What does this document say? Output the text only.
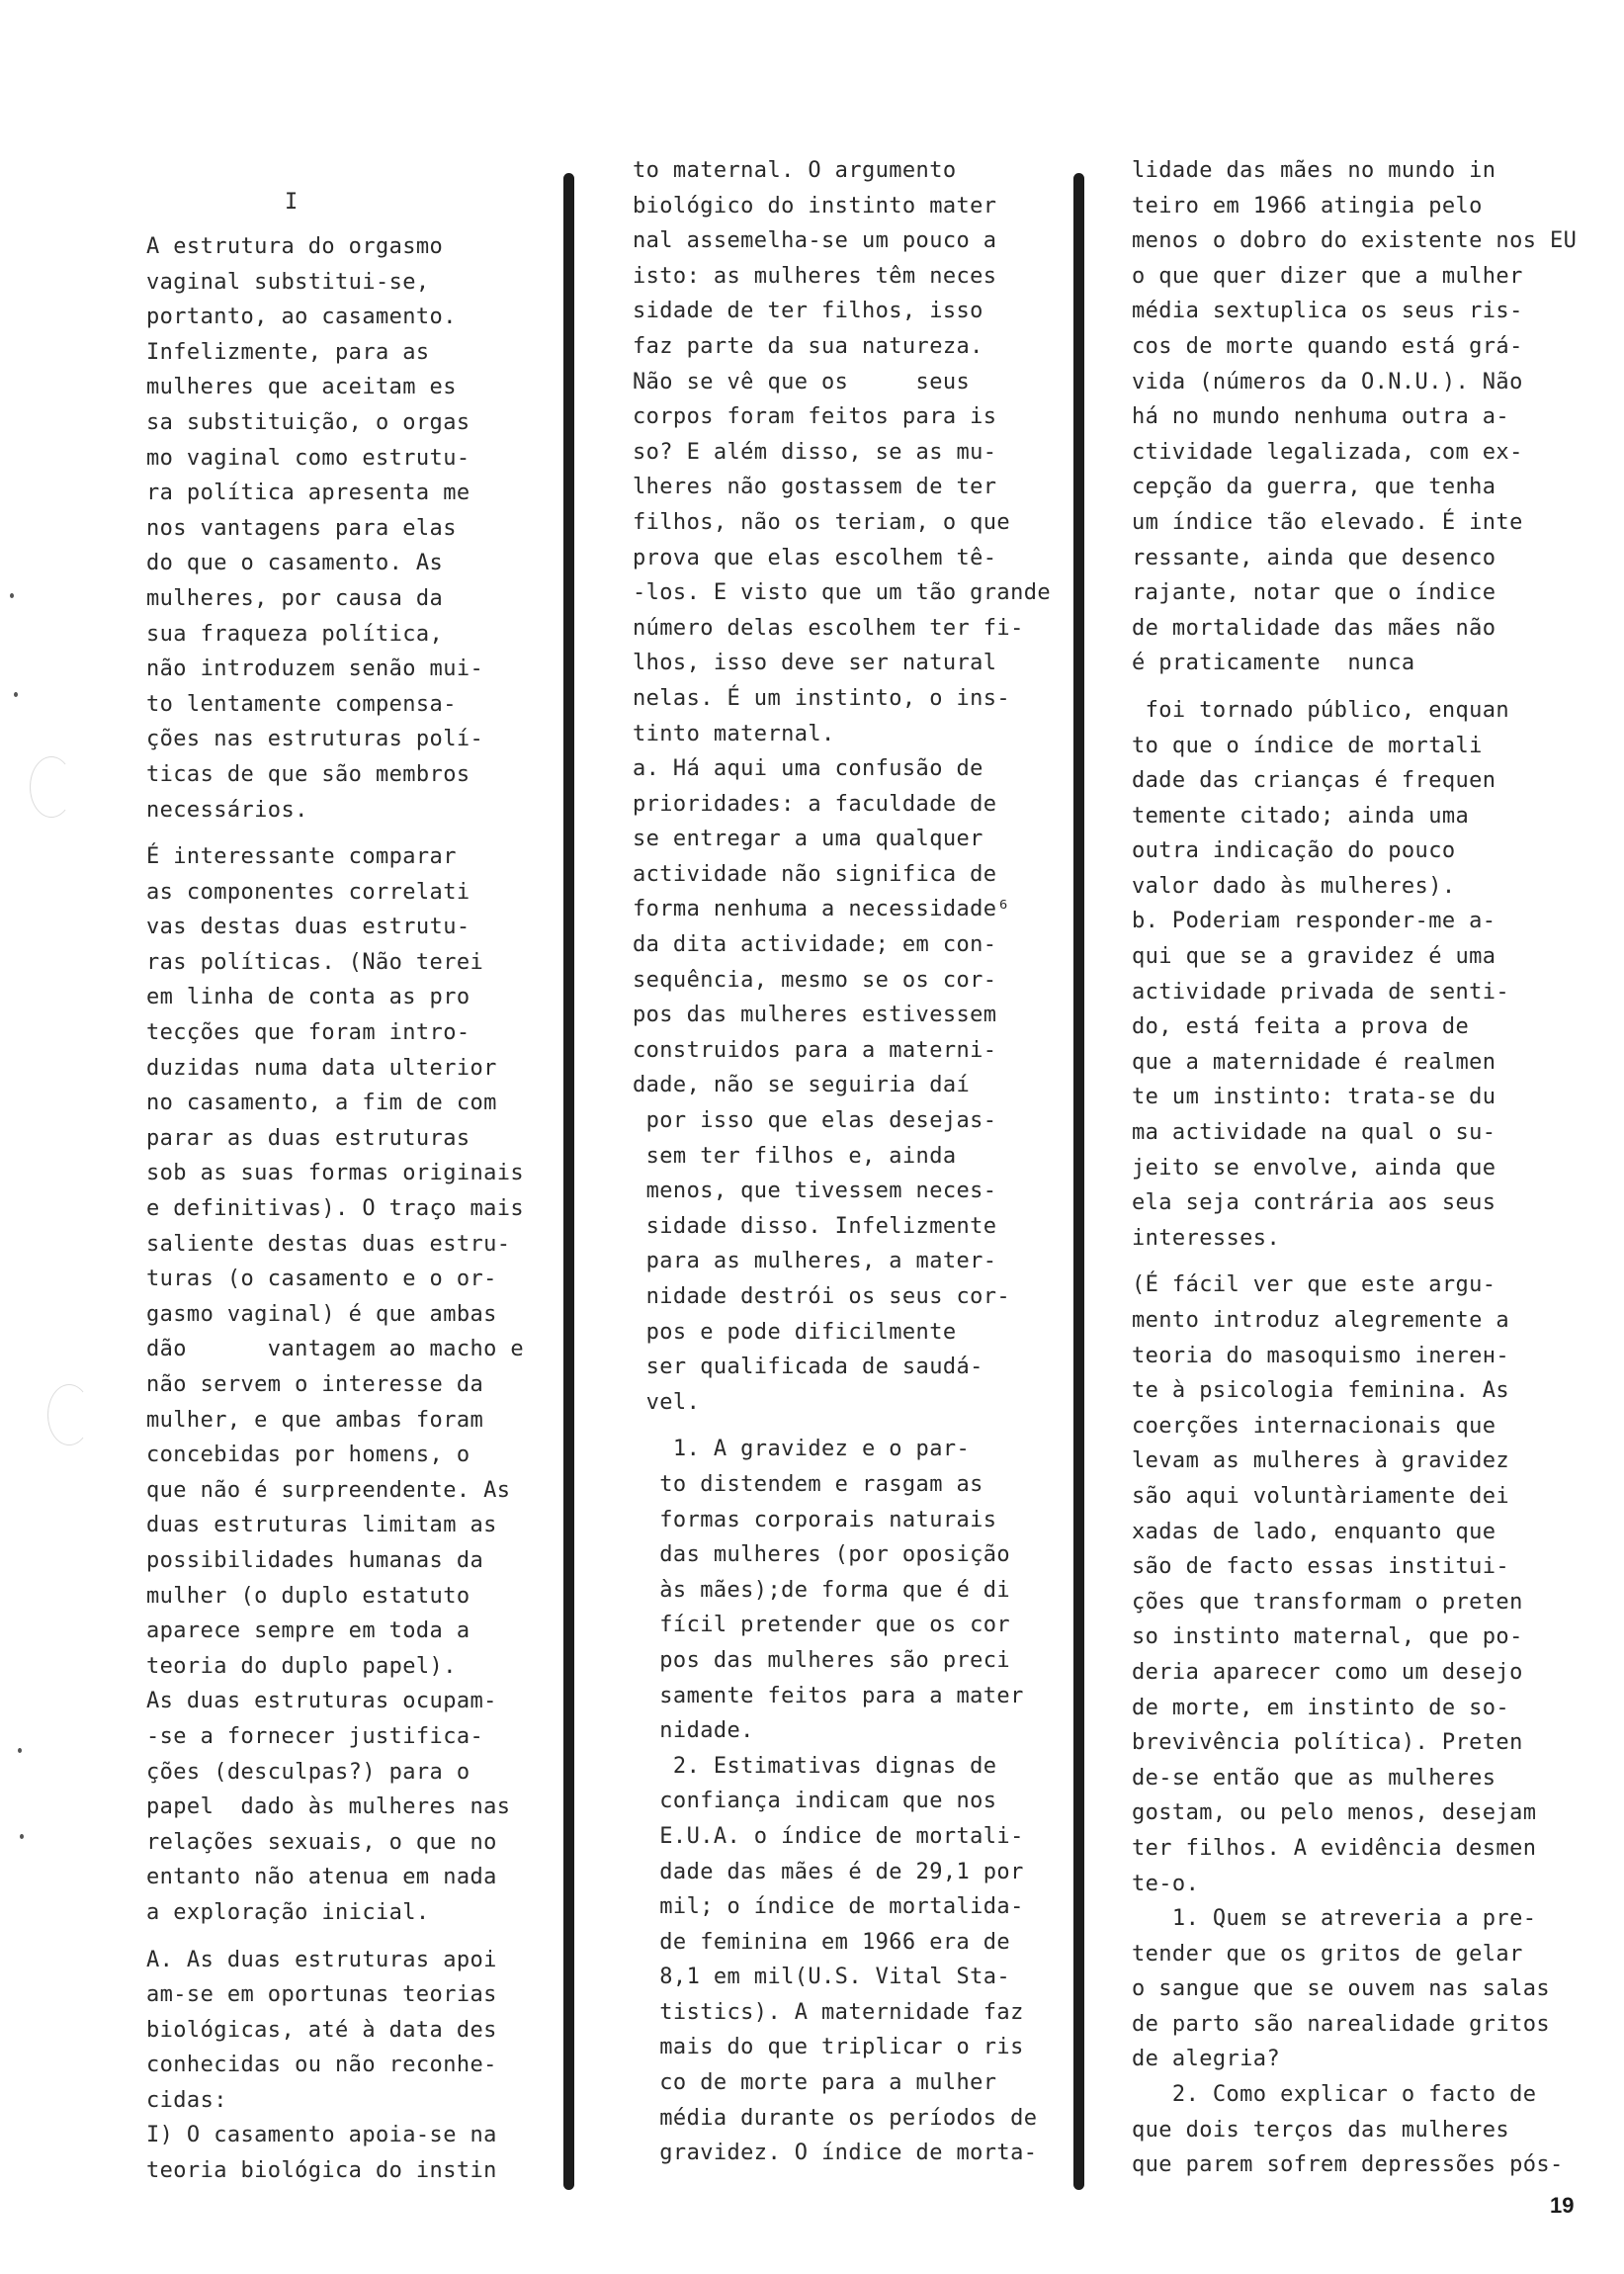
I
A estrutura do orgasmo
vaginal substitui-se,
portanto, ao casamento.
Infelizmente, para as
mulheres que aceitam es
sa substituição, o orgas
mo vaginal como estrutu-
ra política apresenta me
nos vantagens para elas
do que o casamento. As
mulheres, por causa da
sua fraqueza política,
não introduzem senão mui-
to lentamente compensa-
ções nas estruturas polí-
ticas de que são membros
necessários.
É interessante comparar
as componentes correlati
vas destas duas estrutu-
ras políticas. (Não terei
em linha de conta as pro
tecções que foram intro-
duzidas numa data ulterior
no casamento, a fim de com
parar as duas estruturas
sob as suas formas originais
e definitivas). O traço mais
saliente destas duas estru-
turas (o casamento e o or-
gasmo vaginal) é que ambas
dão      vantagem ao macho e
não servem o interesse da
mulher, e que ambas foram
concebidas por homens, o
que não é surpreendente. As
duas estruturas limitam as
possibilidades humanas da
mulher (o duplo estatuto
aparece sempre em toda a
teoria do duplo papel).
As duas estruturas ocupam-
-se a fornecer justifica-
ções (desculpas?) para o
papel  dado às mulheres nas
relações sexuais, o que no
entanto não atenua em nada
a exploração inicial.
A. As duas estruturas apoi
am-se em oportunas teorias
biológicas, até à data des
conhecidas ou não reconhe-
cidas:
I) O casamento apoia-se na
teoria biológica do instin
to maternal. O argumento
biológico do instinto mater
nal assemelha-se um pouco a
isto: as mulheres têm neces
sidade de ter filhos, isso
faz parte da sua natureza.
Não se vê que os     seus
corpos foram feitos para is
so? E além disso, se as mu-
lheres não gostassem de ter
filhos, não os teriam, o que
prova que elas escolhem tê-
-los. E visto que um tão grande
número delas escolhem ter fi-
lhos, isso deve ser natural
nelas. É um instinto, o ins-
tinto maternal.
a. Há aqui uma confusão de
prioridades: a faculdade de
se entregar a uma qualquer
actividade não significa de
forma nenhuma a necessidade⁶
da dita actividade; em con-
sequência, mesmo se os cor-
pos das mulheres estivessem
construidos para a materni-
dade, não se seguiria daí
por isso que elas desejas-
sem ter filhos e, ainda
menos, que tivessem neces-
sidade disso. Infelizmente
para as mulheres, a mater-
nidade destrói os seus cor-
pos e pode dificilmente
ser qualificada de saudá-
vel.
1. A gravidez e o par-
to distendem e rasgam as
formas corporais naturais
das mulheres (por oposição
às mães);de forma que é di
fícil pretender que os cor
pos das mulheres são preci
samente feitos para a mater
nidade.
2. Estimativas dignas de
confiança indicam que nos
E.U.A. o índice de mortali-
dade das mães é de 29,1 por
mil; o índice de mortalida-
de feminina em 1966 era de
8,1 em mil(U.S. Vital Sta-
tistics). A maternidade faz
mais do que triplicar o ris
co de morte para a mulher
média durante os períodos de
gravidez. O índice de morta-
lidade das mães no mundo in
teiro em 1966 atingia pelo
menos o dobro do existente nos EU
o que quer dizer que a mulher
média sextuplica os seus ris-
cos de morte quando está grá-
vida (números da O.N.U.). Não
há no mundo nenhuma outra a-
ctividade legalizada, com ex-
cepção da guerra, que tenha
um índice tão elevado. É inte
ressante, ainda que desenco
rajante, notar que o índice
de mortalidade das mães não
é praticamente  nunca
foi tornado público, enquan
to que o índice de mortali
dade das crianças é frequen
temente citado; ainda uma
outra indicação do pouco
valor dado às mulheres).
b. Poderiam responder-me a-
qui que se a gravidez é uma
actividade privada de senti-
do, está feita a prova de
que a maternidade é realmen
te um instinto: trata-se du
ma actividade na qual o su-
jeito se envolve, ainda que
ela seja contrária aos seus
interesses.
(É fácil ver que este argu-
mento introduz alegremente a
teoria do masoquismo inerен-
te à psicologia feminina. As
coerções internacionais que
levam as mulheres à gravidez
são aqui voluntàriamente dei
xadas de lado, enquanto que
são de facto essas institui-
ções que transformam o preten
so instinto maternal, que po-
deria aparecer como um desejo
de morte, em instinto de so-
brevivência política). Preten
de-se então que as mulheres
gostam, ou pelo menos, desejam
ter filhos. A evidência desmen
te-o.
1. Quem se atreveria a pre-
tender que os gritos de gelar
o sangue que se ouvem nas salas
de parto são narealidade gritos
de alegria?
2. Como explicar o facto de
que dois terços das mulheres
que parem sofrem depressões pós-
19
